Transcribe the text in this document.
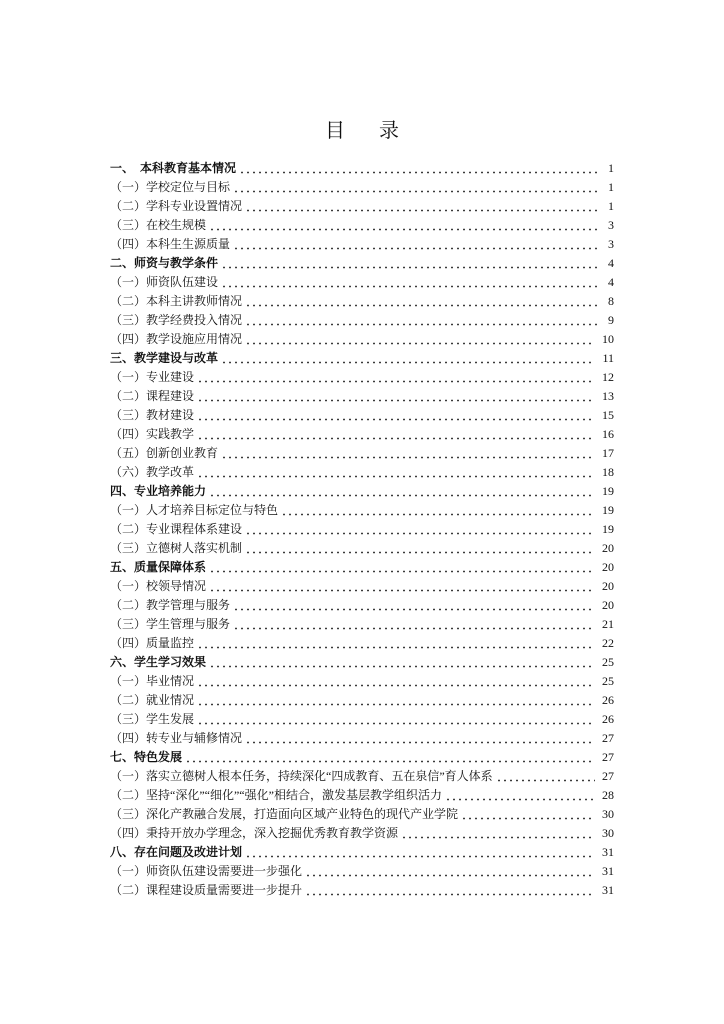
目　录
一、　本科教育基本情况	1
（一）学校定位与目标	1
（二）学科专业设置情况	1
（三）在校生规模	3
（四）本科生生源质量	3
二、师资与教学条件	4
（一）师资队伍建设	4
（二）本科主讲教师情况	8
（三）教学经费投入情况	9
（四）教学设施应用情况	10
三、教学建设与改革	11
（一）专业建设	12
（二）课程建设	13
（三）教材建设	15
（四）实践教学	16
（五）创新创业教育	17
（六）教学改革	18
四、专业培养能力	19
（一）人才培养目标定位与特色	19
（二）专业课程体系建设	19
（三）立德树人落实机制	20
五、质量保障体系	20
（一）校领导情况	20
（二）教学管理与服务	20
（三）学生管理与服务	21
（四）质量监控	22
六、学生学习效果	25
（一）毕业情况	25
（二）就业情况	26
（三）学生发展	26
（四）转专业与辅修情况	27
七、特色发展	27
（一）落实立德树人根本任务，持续深化“四成教育、五在泉信”育人体系	27
（二）坚持“深化”“细化”“强化”相结合，激发基层教学组织活力	28
（三）深化产教融合发展，打造面向区域产业特色的现代产业学院	30
（四）秉持开放办学理念，深入挖掘优秀教育教学资源	30
八、存在问题及改进计划	31
（一）师资队伍建设需要进一步强化	31
（二）课程建设质量需要进一步提升	31
